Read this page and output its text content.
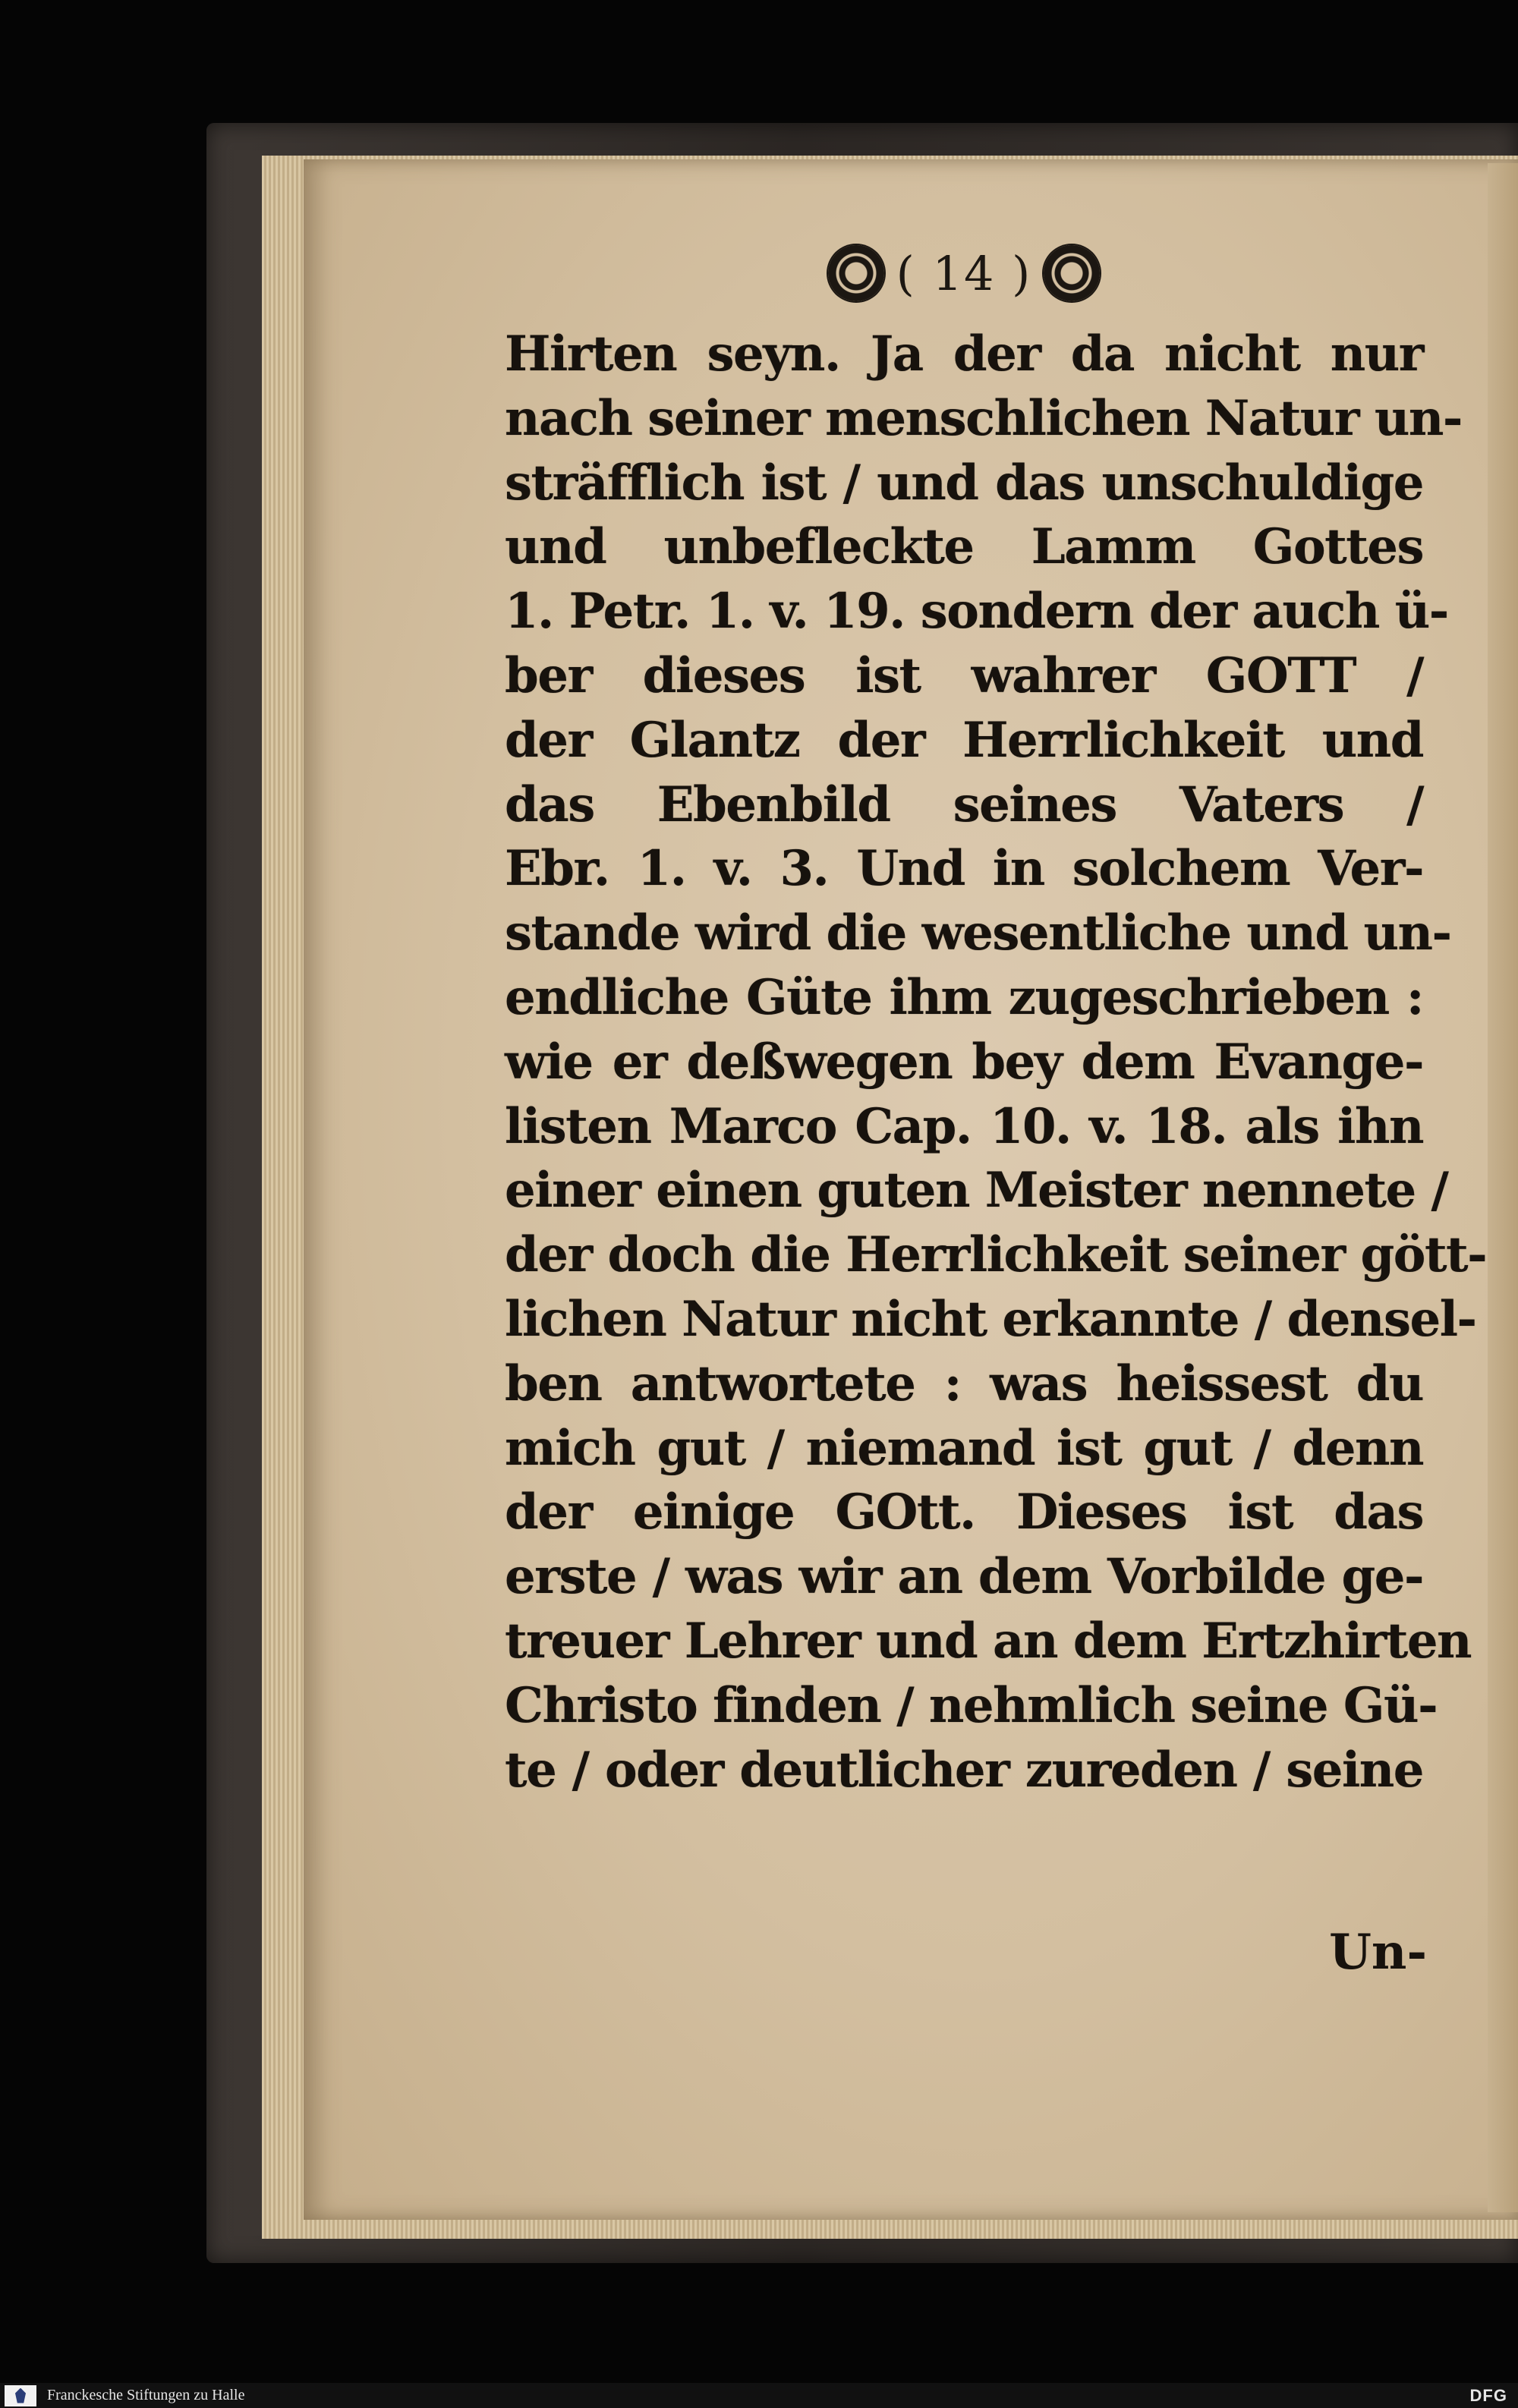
( 14 )
Hirten seyn. Ja der da nicht nur
nach seiner menschlichen Natur un-
sträfflich ist / und das unschuldige
und unbefleckte Lamm Gottes
1. Petr. 1. v. 19. sondern der auch ü-
ber dieses ist wahrer GOTT /
der Glantz der Herrlichkeit und
das Ebenbild seines Vaters /
Ebr. 1. v. 3. Und in solchem Ver-
stande wird die wesentliche und un-
endliche Güte ihm zugeschrieben :
wie er deßwegen bey dem Evange-
listen Marco Cap. 10. v. 18. als ihn
einer einen guten Meister nennete /
der doch die Herrlichkeit seiner gött-
lichen Natur nicht erkannte / densel-
ben antwortete : was heissest du
mich gut / niemand ist gut / denn
der einige GOtt. Dieses ist das
erste / was wir an dem Vorbilde ge-
treuer Lehrer und an dem Ertzhirten
Christo finden / nehmlich seine Gü-
te / oder deutlicher zureden / seine
Un-
Franckesche Stiftungen zu Halle	DFG
